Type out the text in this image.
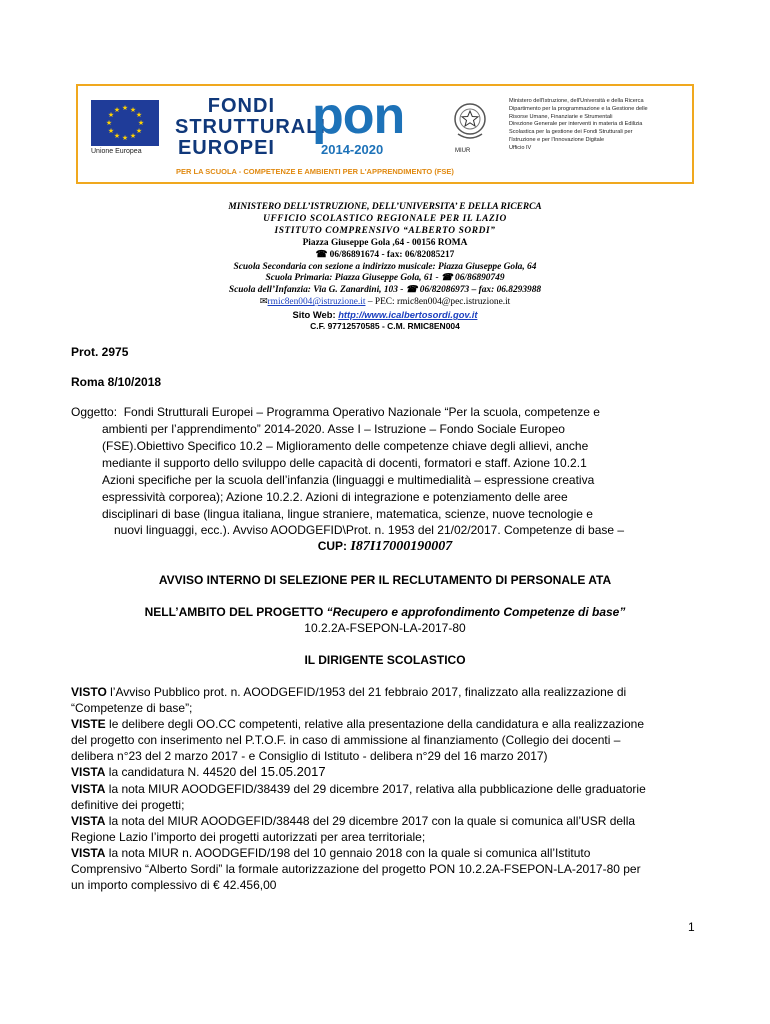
★ ★
★
★
★
★
★
★
★
★
★
★
Unione Europea
FONDI
STRUTTURALI
EUROPEI
pon
2014-2020	MIUR
Ministero dell'Istruzione, dell'Università e della Ricerca
Dipartimento per la programmazione e la Gestione delle
Risorse Umane, Finanziarie e Strumentali
Direzione Generale per interventi in materia di Edilizia
Scolastica per la gestione dei Fondi Strutturali per
l'Istruzione e per l'Innovazione Digitale
Ufficio IV
PER LA SCUOLA - COMPETENZE E AMBIENTI PER L'APPRENDIMENTO (FSE)
MINISTERO DELL’ISTRUZIONE, DELL’UNIVERSITA’ E DELLA RICERCA
UFFICIO SCOLASTICO REGIONALE PER IL LAZIO
ISTITUTO COMPRENSIVO “ALBERTO SORDI”
Piazza Giuseppe Gola ,64 - 00156 ROMA
☎ 06/86891674 - fax: 06/82085217
Scuola Secondaria con sezione a indirizzo musicale: Piazza Giuseppe Gola, 64
Scuola Primaria: Piazza Giuseppe Gola, 61 - ☎ 06/86890749
Scuola dell’Infanzia: Via G. Zanardini, 103 - ☎ 06/82086973 – fax: 06.8293988
✉rmic8en004@istruzione.it – PEC: rmic8en004@pec.istruzione.it
Sito Web: http://www.icalbertosordi.gov.it
C.F. 97712570585 - C.M. RMIC8EN004
Prot. 2975
Roma 8/10/2018
Oggetto: Fondi Strutturali Europei – Programma Operativo Nazionale “Per la scuola, competenze e
ambienti per l’apprendimento” 2014-2020. Asse I – Istruzione – Fondo Sociale Europeo
(FSE).Obiettivo Specifico 10.2 – Miglioramento delle competenze chiave degli allievi, anche
mediante il supporto dello sviluppo delle capacità di docenti, formatori e staff. Azione 10.2.1
Azioni specifiche per la scuola dell’infanzia (linguaggi e multimedialità – espressione creativa
espressività corporea); Azione 10.2.2. Azioni di integrazione e potenziamento delle aree
disciplinari di base (lingua italiana, lingue straniere, matematica, scienze, nuove tecnologie e
nuovi linguaggi, ecc.). Avviso AOODGEFID\Prot. n. 1953 del 21/02/2017. Competenze di base –
CUP: I87I17000190007
AVVISO INTERNO DI SELEZIONE PER IL RECLUTAMENTO DI PERSONALE ATA
NELL’AMBITO DEL PROGETTO “Recupero e approfondimento Competenze di base”
10.2.2A-FSEPON-LA-2017-80
IL DIRIGENTE SCOLASTICO
VISTO l’Avviso Pubblico prot. n. AOODGEFID/1953 del 21 febbraio 2017, finalizzato alla realizzazione di
“Competenze di base”;
VISTE le delibere degli OO.CC competenti, relative alla presentazione della candidatura e alla realizzazione
del progetto con inserimento nel P.T.O.F. in caso di ammissione al finanziamento (Collegio dei docenti –
delibera n°23 del 2 marzo 2017 - e Consiglio di Istituto - delibera n°29 del 16 marzo 2017)
VISTA la candidatura N. 44520 del 15.05.2017
VISTA la nota MIUR AOODGEFID/38439 del 29 dicembre 2017, relativa alla pubblicazione delle graduatorie
definitive dei progetti;
VISTA la nota del MIUR AOODGEFID/38448 del 29 dicembre 2017 con la quale si comunica all’USR della
Regione Lazio l’importo dei progetti autorizzati per area territoriale;
VISTA la nota MIUR n. AOODGEFID/198 del 10 gennaio 2018 con la quale si comunica all’Istituto
Comprensivo “Alberto Sordi” la formale autorizzazione del progetto PON 10.2.2A-FSEPON-LA-2017-80 per
un importo complessivo di € 42.456,00
1
